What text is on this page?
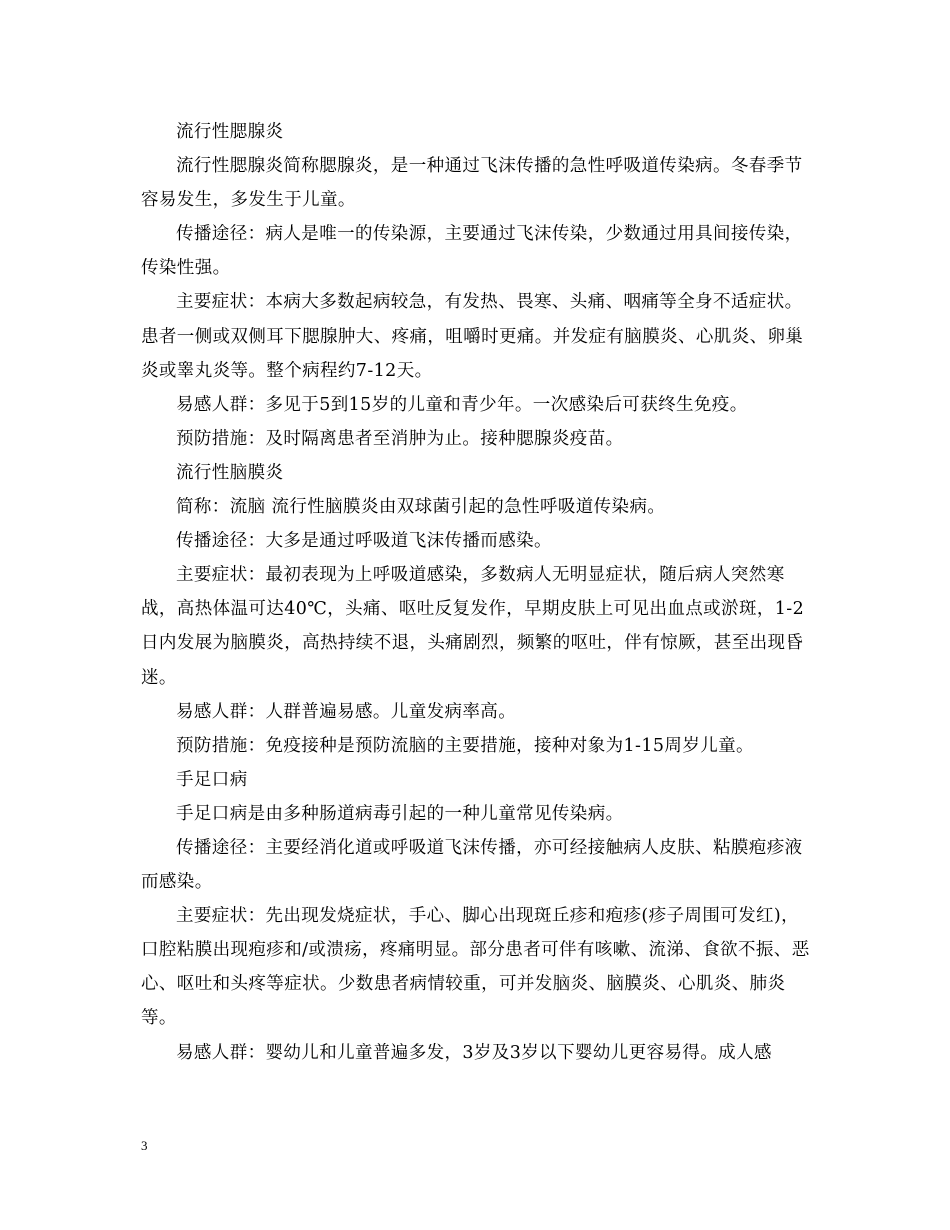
流行性腮腺炎

流行性腮腺炎简称腮腺炎，是一种通过飞沫传播的急性呼吸道传染病。冬春季节容易发生，多发生于儿童。

传播途径：病人是唯一的传染源，主要通过飞沫传染，少数通过用具间接传染，传染性强。

主要症状：本病大多数起病较急，有发热、畏寒、头痛、咽痛等全身不适症状。患者一侧或双侧耳下腮腺肿大、疼痛，咀嚼时更痛。并发症有脑膜炎、心肌炎、卵巢炎或睾丸炎等。整个病程约7-12天。

易感人群：多见于5到15岁的儿童和青少年。一次感染后可获终生免疫。

预防措施：及时隔离患者至消肿为止。接种腮腺炎疫苗。

流行性脑膜炎

简称：流脑 流行性脑膜炎由双球菌引起的急性呼吸道传染病。

传播途径：大多是通过呼吸道飞沫传播而感染。

主要症状：最初表现为上呼吸道感染，多数病人无明显症状，随后病人突然寒战，高热体温可达40℃，头痛、呕吐反复发作，早期皮肤上可见出血点或淤斑，1-2日内发展为脑膜炎，高热持续不退，头痛剧烈，频繁的呕吐，伴有惊厥，甚至出现昏迷。

易感人群：人群普遍易感。儿童发病率高。

预防措施：免疫接种是预防流脑的主要措施，接种对象为1-15周岁儿童。

手足口病

手足口病是由多种肠道病毒引起的一种儿童常见传染病。

传播途径：主要经消化道或呼吸道飞沫传播，亦可经接触病人皮肤、粘膜疱疹液而感染。

主要症状：先出现发烧症状，手心、脚心出现斑丘疹和疱疹(疹子周围可发红)，口腔粘膜出现疱疹和/或溃疡，疼痛明显。部分患者可伴有咳嗽、流涕、食欲不振、恶心、呕吐和头疼等症状。少数患者病情较重，可并发脑炎、脑膜炎、心肌炎、肺炎等。

易感人群：婴幼儿和儿童普遍多发，3岁及3岁以下婴幼儿更容易得。成人感

3
